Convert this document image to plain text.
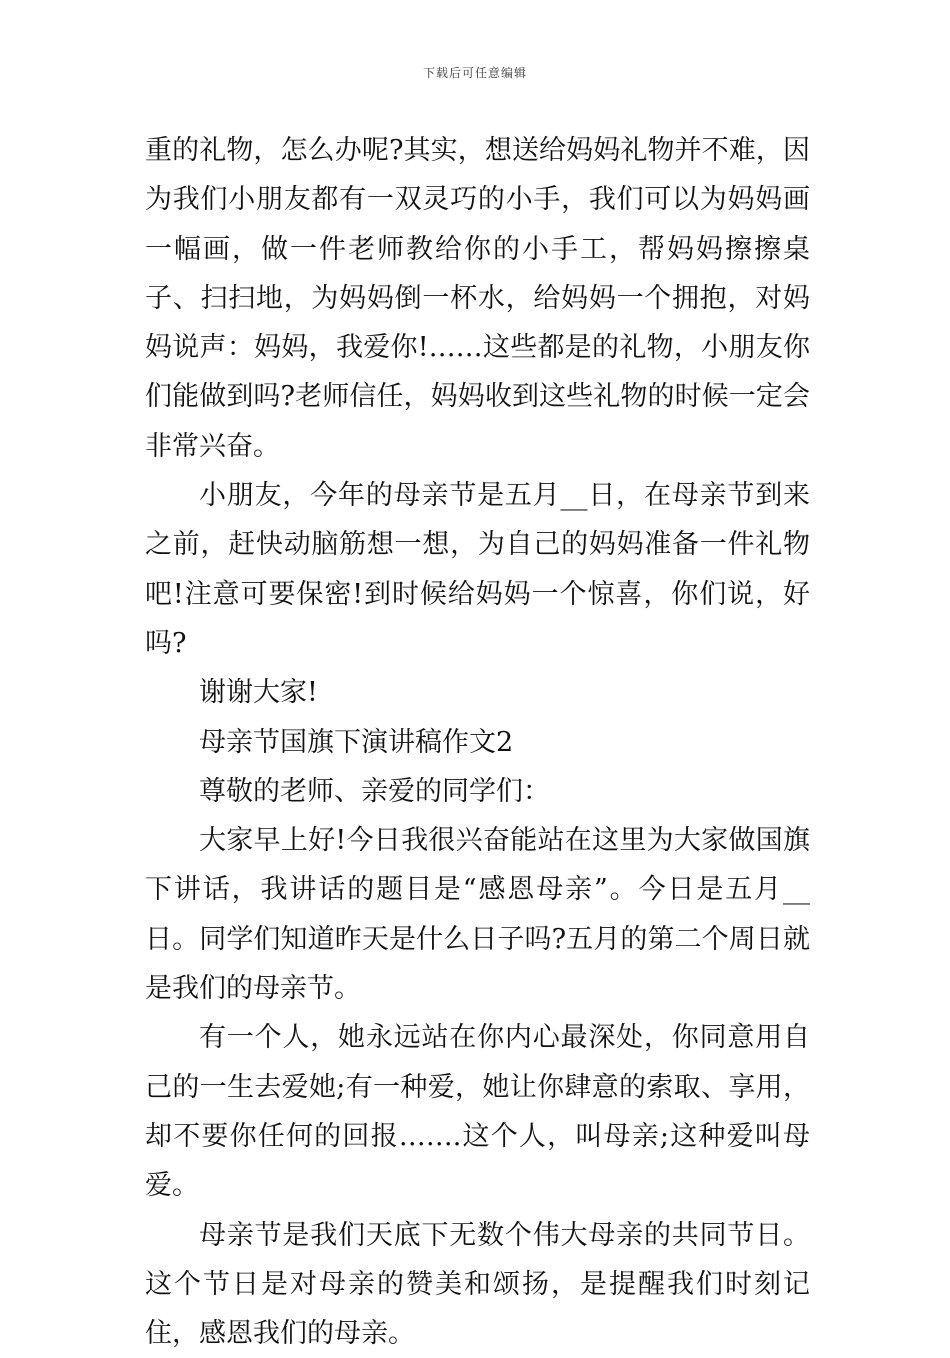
下载后可任意编辑

重的礼物，怎么办呢?其实，想送给妈妈礼物并不难，因为我们小朋友都有一双灵巧的小手，我们可以为妈妈画一幅画，做一件老师教给你的小手工，帮妈妈擦擦桌子、扫扫地，为妈妈倒一杯水，给妈妈一个拥抱，对妈妈说声：妈妈，我爱你!……这些都是的礼物，小朋友你们能做到吗?老师信任，妈妈收到这些礼物的时候一定会非常兴奋。

小朋友，今年的母亲节是五月__日，在母亲节到来之前，赶快动脑筋想一想，为自己的妈妈准备一件礼物吧!注意可要保密!到时候给妈妈一个惊喜，你们说，好吗?

谢谢大家!

母亲节国旗下演讲稿作文2

尊敬的老师、亲爱的同学们：

大家早上好!今日我很兴奋能站在这里为大家做国旗下讲话，我讲话的题目是“感恩母亲”。今日是五月__日。同学们知道昨天是什么日子吗?五月的第二个周日就是我们的母亲节。

有一个人，她永远站在你内心最深处，你同意用自己的一生去爱她;有一种爱，她让你肆意的索取、享用，却不要你任何的回报…….这个人，叫母亲;这种爱叫母爱。

母亲节是我们天底下无数个伟大母亲的共同节日。这个节日是对母亲的赞美和颂扬，是提醒我们时刻记住，感恩我们的母亲。
